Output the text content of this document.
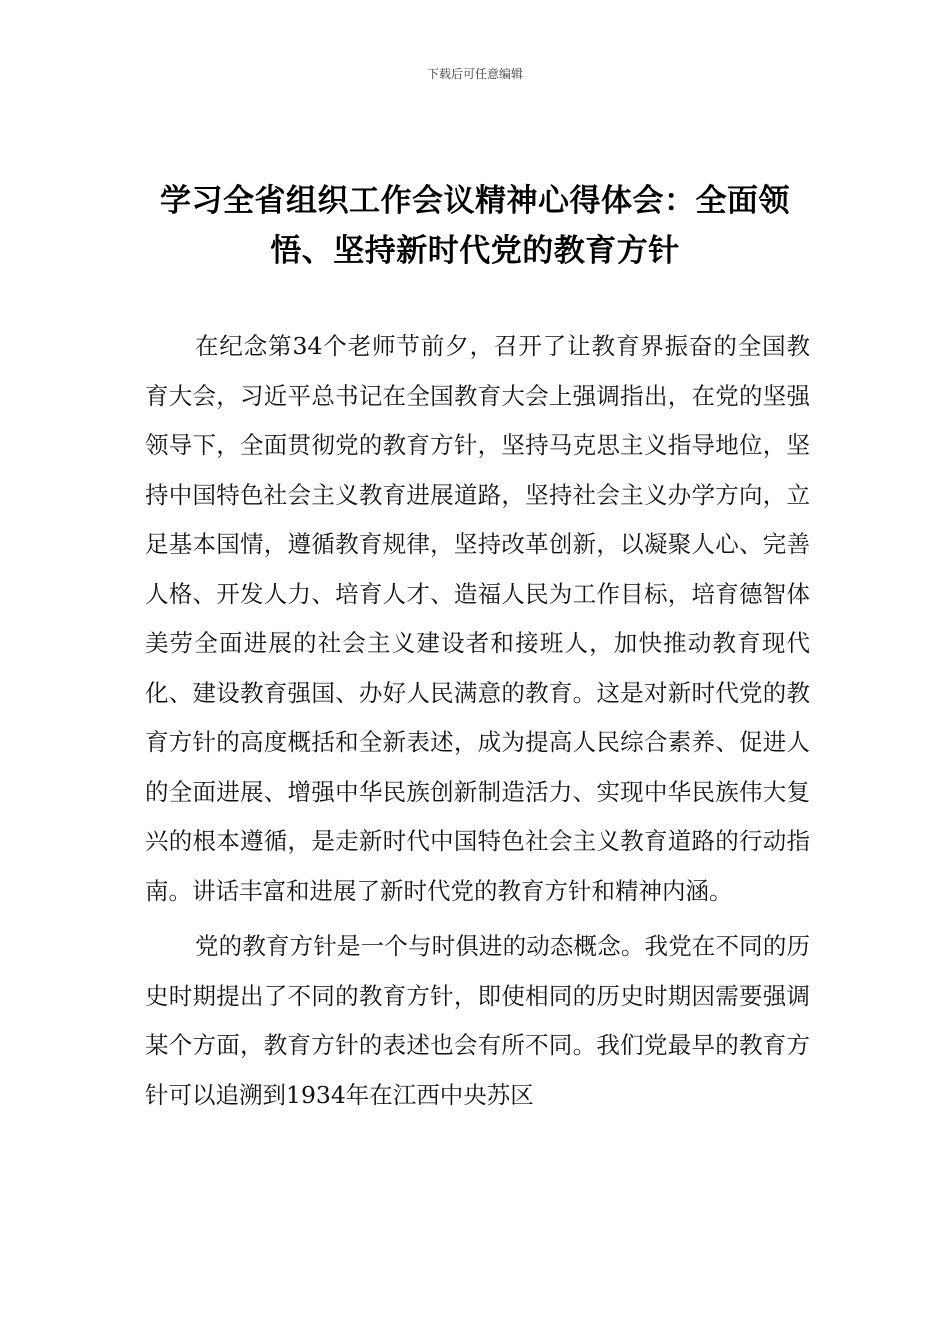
下载后可任意编辑
学习全省组织工作会议精神心得体会：全面领悟、坚持新时代党的教育方针

在纪念第34个老师节前夕，召开了让教育界振奋的全国教育大会，习近平总书记在全国教育大会上强调指出，在党的坚强领导下，全面贯彻党的教育方针，坚持马克思主义指导地位，坚持中国特色社会主义教育进展道路，坚持社会主义办学方向，立足基本国情，遵循教育规律，坚持改革创新，以凝聚人心、完善人格、开发人力、培育人才、造福人民为工作目标，培育德智体美劳全面进展的社会主义建设者和接班人，加快推动教育现代化、建设教育强国、办好人民满意的教育。这是对新时代党的教育方针的高度概括和全新表述，成为提高人民综合素养、促进人的全面进展、增强中华民族创新制造活力、实现中华民族伟大复兴的根本遵循，是走新时代中国特色社会主义教育道路的行动指南。讲话丰富和进展了新时代党的教育方针和精神内涵。

党的教育方针是一个与时俱进的动态概念。我党在不同的历史时期提出了不同的教育方针，即使相同的历史时期因需要强调某个方面，教育方针的表述也会有所不同。我们党最早的教育方针可以追溯到1934年在江西中央苏区
